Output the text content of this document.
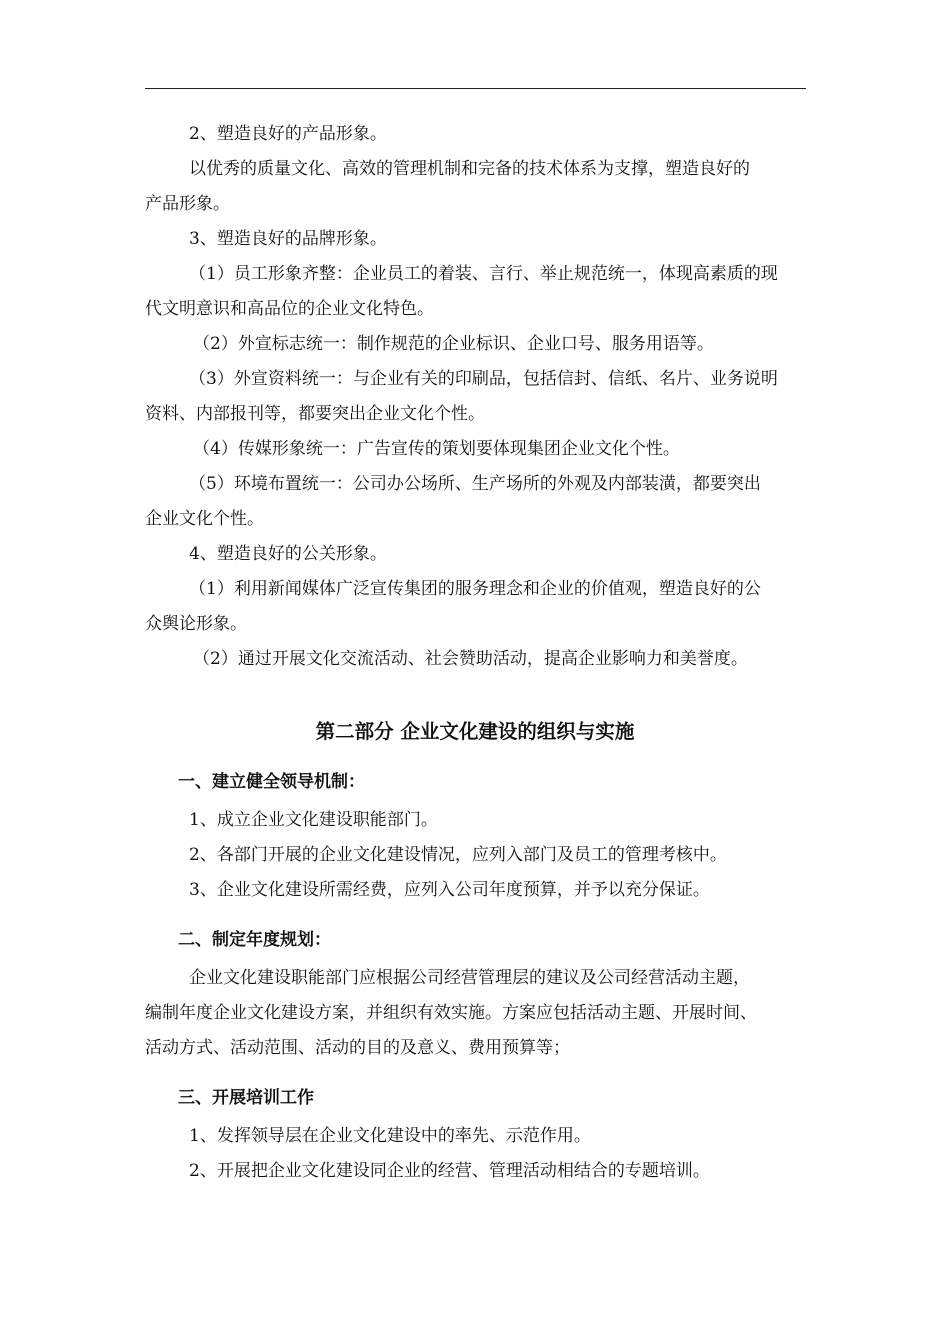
2、塑造良好的产品形象。
以优秀的质量文化、高效的管理机制和完备的技术体系为支撑，塑造良好的
产品形象。
3、塑造良好的品牌形象。
（1）员工形象齐整：企业员工的着装、言行、举止规范统一，体现高素质的现
代文明意识和高品位的企业文化特色。
（2）外宣标志统一：制作规范的企业标识、企业口号、服务用语等。
（3）外宣资料统一：与企业有关的印刷品，包括信封、信纸、名片、业务说明
资料、内部报刊等，都要突出企业文化个性。
（4）传媒形象统一：广告宣传的策划要体现集团企业文化个性。
（5）环境布置统一：公司办公场所、生产场所的外观及内部装潢，都要突出
企业文化个性。
4、塑造良好的公关形象。
（1）利用新闻媒体广泛宣传集团的服务理念和企业的价值观，塑造良好的公
众舆论形象。
（2）通过开展文化交流活动、社会赞助活动，提高企业影响力和美誉度。
第二部分 企业文化建设的组织与实施
一、建立健全领导机制：
1、成立企业文化建设职能部门。
2、各部门开展的企业文化建设情况，应列入部门及员工的管理考核中。
3、企业文化建设所需经费，应列入公司年度预算，并予以充分保证。
二、制定年度规划：
企业文化建设职能部门应根据公司经营管理层的建议及公司经营活动主题，
编制年度企业文化建设方案，并组织有效实施。方案应包括活动主题、开展时间、
活动方式、活动范围、活动的目的及意义、费用预算等；
三、开展培训工作
1、发挥领导层在企业文化建设中的率先、示范作用。
2、开展把企业文化建设同企业的经营、管理活动相结合的专题培训。
